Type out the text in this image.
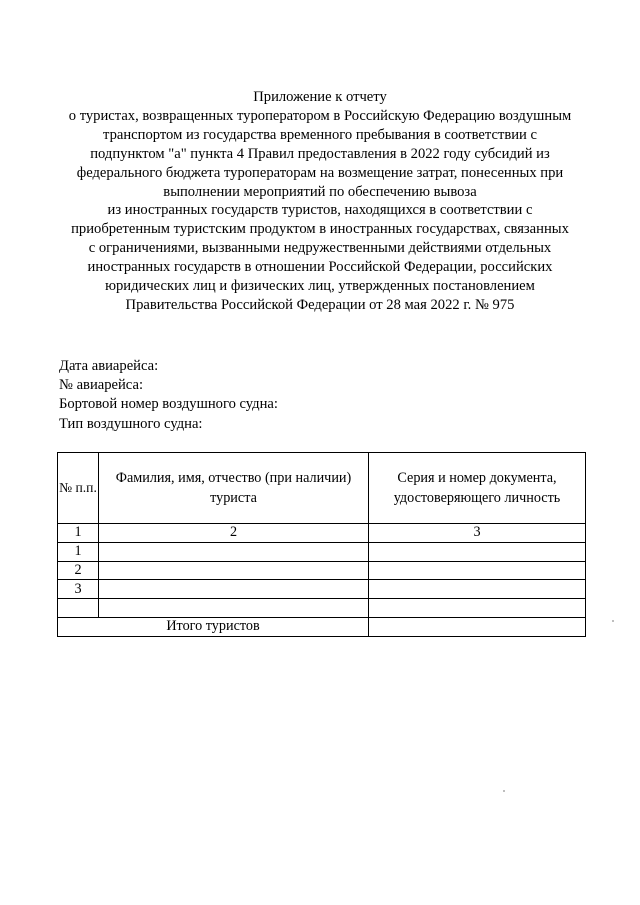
Приложение к отчету
о туристах, возвращенных туроператором в Российскую Федерацию воздушным
транспортом из государства временного пребывания в соответствии с
подпунктом "а" пункта 4 Правил предоставления в 2022 году субсидий из
федерального бюджета туроператорам на возмещение затрат, понесенных при
выполнении мероприятий по обеспечению вывоза
из иностранных государств туристов, находящихся в соответствии с
приобретенным туристским продуктом в иностранных государствах, связанных
с ограничениями, вызванными недружественными действиями отдельных
иностранных государств в отношении Российской Федерации, российских
юридических лиц и физических лиц, утвержденных постановлением
Правительства Российской Федерации от 28 мая 2022 г. № 975
Дата авиарейса:
№ авиарейса:
Бортовой номер воздушного судна:
Тип воздушного судна:
№ п.п.	Фамилия, имя, отчество (при наличии) туриста	Серия и номер документа, удостоверяющего личность
1	2	3
1		
2		
3		

Итого туристов		
